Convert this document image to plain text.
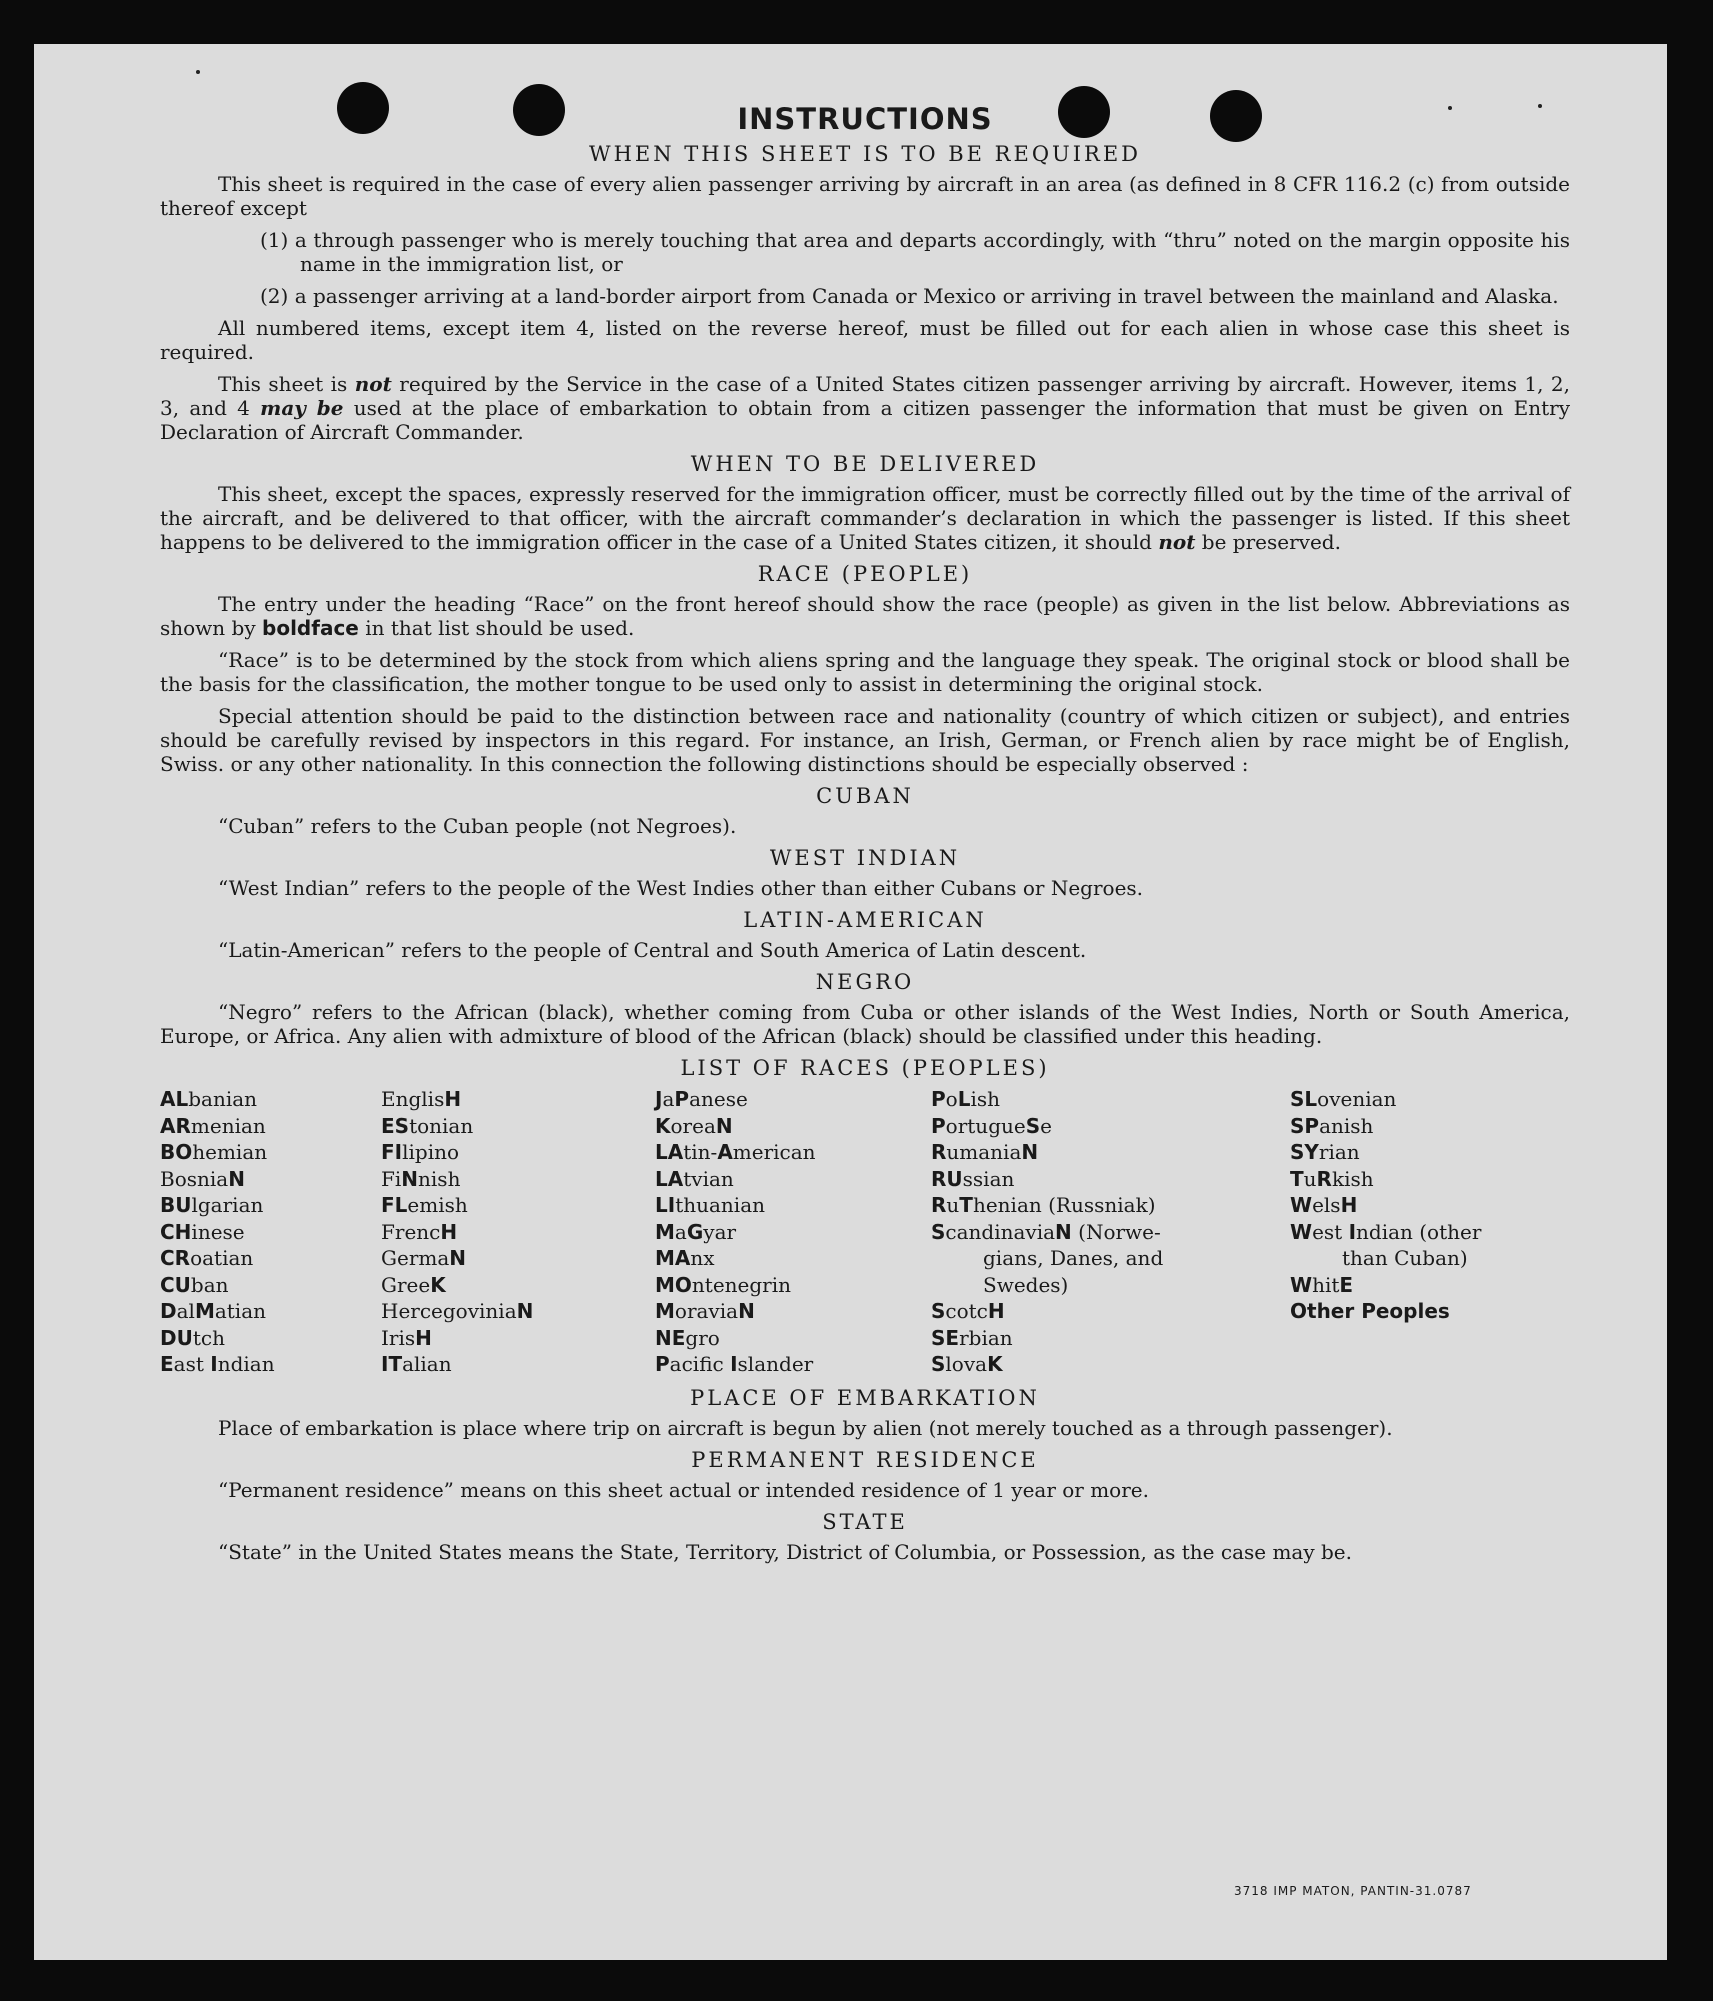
INSTRUCTIONS
WHEN THIS SHEET IS TO BE REQUIRED

This sheet is required in the case of every alien passenger arriving by aircraft in an area (as defined in 8 CFR 116.2 (c) from outside thereof except

(1) a through passenger who is merely touching that area and departs accordingly, with “thru” noted on the margin opposite his name in the immigration list, or

(2) a passenger arriving at a land-border airport from Canada or Mexico or arriving in travel between the mainland and Alaska.

All numbered items, except item 4, listed on the reverse hereof, must be filled out for each alien in whose case this sheet is required.

This sheet is not required by the Service in the case of a United States citizen passenger arriving by aircraft. However, items 1, 2, 3, and 4 may be used at the place of embarkation to obtain from a citizen passenger the information that must be given on Entry Declaration of Aircraft Commander.

WHEN TO BE DELIVERED

This sheet, except the spaces, expressly reserved for the immigration officer, must be correctly filled out by the time of the arrival of the aircraft, and be delivered to that officer, with the aircraft commander’s declaration in which the passenger is listed. If this sheet happens to be delivered to the immigration officer in the case of a United States citizen, it should not be preserved.

RACE (PEOPLE)

The entry under the heading “Race” on the front hereof should show the race (people) as given in the list below. Abbreviations as shown by boldface in that list should be used.

“Race” is to be determined by the stock from which aliens spring and the language they speak. The original stock or blood shall be the basis for the classification, the mother tongue to be used only to assist in determining the original stock.

Special attention should be paid to the distinction between race and nationality (country of which citizen or subject), and entries should be carefully revised by inspectors in this regard. For instance, an Irish, German, or French alien by race might be of English, Swiss. or any other nationality. In this connection the following distinctions should be especially observed :

CUBAN

“Cuban” refers to the Cuban people (not Negroes).

WEST INDIAN

“West Indian” refers to the people of the West Indies other than either Cubans or Negroes.

LATIN-AMERICAN

“Latin-American” refers to the people of Central and South America of Latin descent.

NEGRO

“Negro” refers to the African (black), whether coming from Cuba or other islands of the West Indies, North or South America, Europe, or Africa. Any alien with admixture of blood of the African (black) should be classified under this heading.

LIST OF RACES (PEOPLES)
ALbanian
ARmenian
BOhemian
BosniaN
BUlgarian
CHinese
CRoatian
CUban
DalMatian
DUtch
East Indian
EnglisH
EStonian
FIlipino
FiNnish
FLemish
FrencH
GermaN
GreeK
HercegoviniaN
IrisH
ITalian
JaPanese
KoreaN
LAtin-American
LAtvian
LIthuanian
MaGyar
MAnx
MOntenegrin
MoraviaN
NEgro
Pacific Islander
PoLish
PortugueSe
RumaniaN
RUssian
RuThenian (Russniak)
ScandinaviaN (Norwe-
gians, Danes, and
Swedes)
ScotcH
SErbian
SlovaK
SLovenian
SPanish
SYrian
TuRkish
WelsH
West Indian (other
than Cuban)
WhitE
Other Peoples
PLACE OF EMBARKATION

Place of embarkation is place where trip on aircraft is begun by alien (not merely touched as a through passenger).

PERMANENT RESIDENCE

“Permanent residence” means on this sheet actual or intended residence of 1 year or more.

STATE

“State” in the United States means the State, Territory, District of Columbia, or Possession, as the case may be.

3718 IMP MATON, PANTIN-31.0787
